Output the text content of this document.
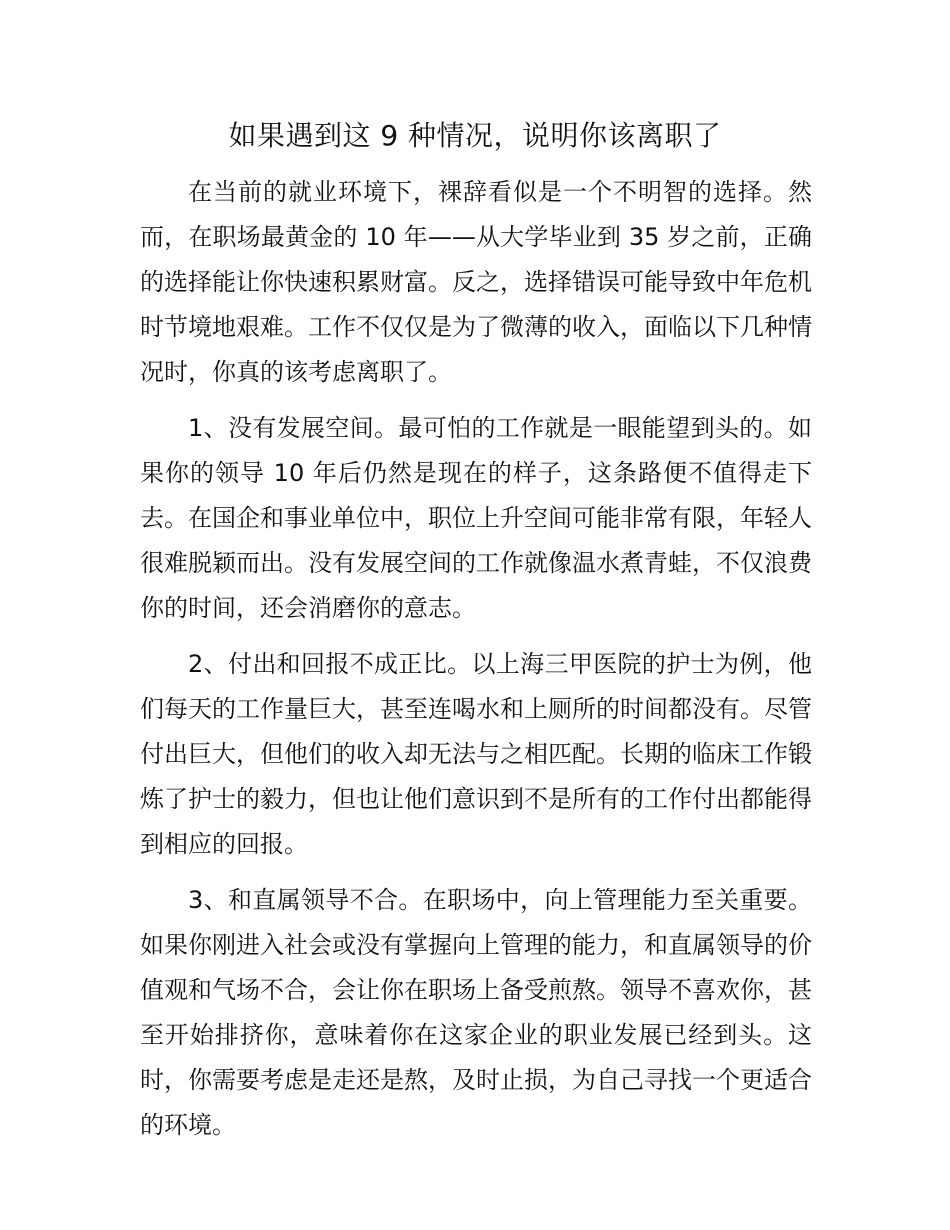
如果遇到这 9 种情况，说明你该离职了

在当前的就业环境下，裸辞看似是一个不明智的选择。然而，在职场最黄金的 10 年——从大学毕业到 35 岁之前，正确的选择能让你快速积累财富。反之，选择错误可能导致中年危机时节境地艰难。工作不仅仅是为了微薄的收入，面临以下几种情况时，你真的该考虑离职了。

1、没有发展空间。最可怕的工作就是一眼能望到头的。如果你的领导 10 年后仍然是现在的样子，这条路便不值得走下去。在国企和事业单位中，职位上升空间可能非常有限，年轻人很难脱颖而出。没有发展空间的工作就像温水煮青蛙，不仅浪费你的时间，还会消磨你的意志。

2、付出和回报不成正比。以上海三甲医院的护士为例，他们每天的工作量巨大，甚至连喝水和上厕所的时间都没有。尽管付出巨大，但他们的收入却无法与之相匹配。长期的临床工作锻炼了护士的毅力，但也让他们意识到不是所有的工作付出都能得到相应的回报。

3、和直属领导不合。在职场中，向上管理能力至关重要。如果你刚进入社会或没有掌握向上管理的能力，和直属领导的价值观和气场不合，会让你在职场上备受煎熬。领导不喜欢你，甚至开始排挤你，意味着你在这家企业的职业发展已经到头。这时，你需要考虑是走还是熬，及时止损，为自己寻找一个更适合的环境。
